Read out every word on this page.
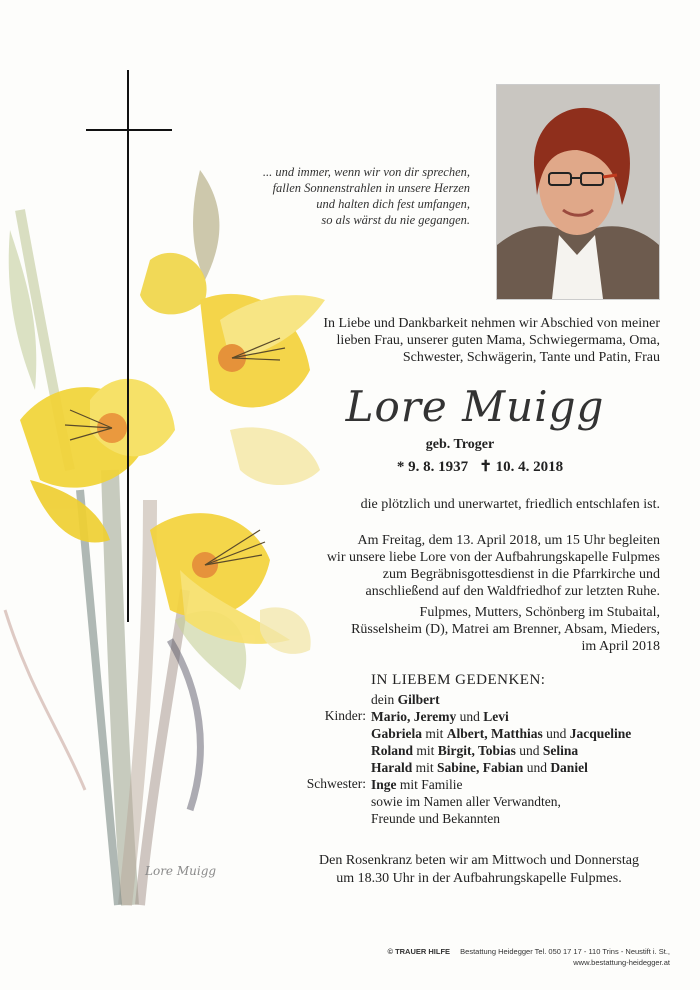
Lore Muigg
... und immer, wenn wir von dir sprechen,
fallen Sonnenstrahlen in unsere Herzen
und halten dich fest umfangen,
so als wärst du nie gegangen.
In Liebe und Dankbarkeit nehmen wir Abschied von meiner
lieben Frau, unserer guten Mama, Schwiegermama, Oma,
Schwester, Schwägerin, Tante und Patin, Frau
Lore Muigg
geb. Troger
* 9. 8. 1937 ✝ 10. 4. 2018
die plötzlich und unerwartet, friedlich entschlafen ist.
Am Freitag, dem 13. April 2018, um 15 Uhr begleiten
wir unsere liebe Lore von der Aufbahrungskapelle Fulpmes
zum Begräbnisgottesdienst in die Pfarrkirche und
anschließend auf den Waldfriedhof zur letzten Ruhe.
Fulpmes, Mutters, Schönberg im Stubaital,
Rüsselsheim (D), Matrei am Brenner, Absam, Mieders,
im April 2018
IN LIEBEM GEDENKEN:
dein Gilbert
Kinder: Mario, Jeremy und Levi
Gabriela mit Albert, Matthias und Jacqueline
Roland mit Birgit, Tobias und Selina
Harald mit Sabine, Fabian und Daniel
Schwester: Inge mit Familie
sowie im Namen aller Verwandten,
Freunde und Bekannten
Den Rosenkranz beten wir am Mittwoch und Donnerstag
um 18.30 Uhr in der Aufbahrungskapelle Fulpmes.
© TRAUER HILFE Bestattung Heidegger Tel. 050 17 17 - 110 Trins - Neustift i. St.,
www.bestattung-heidegger.at
